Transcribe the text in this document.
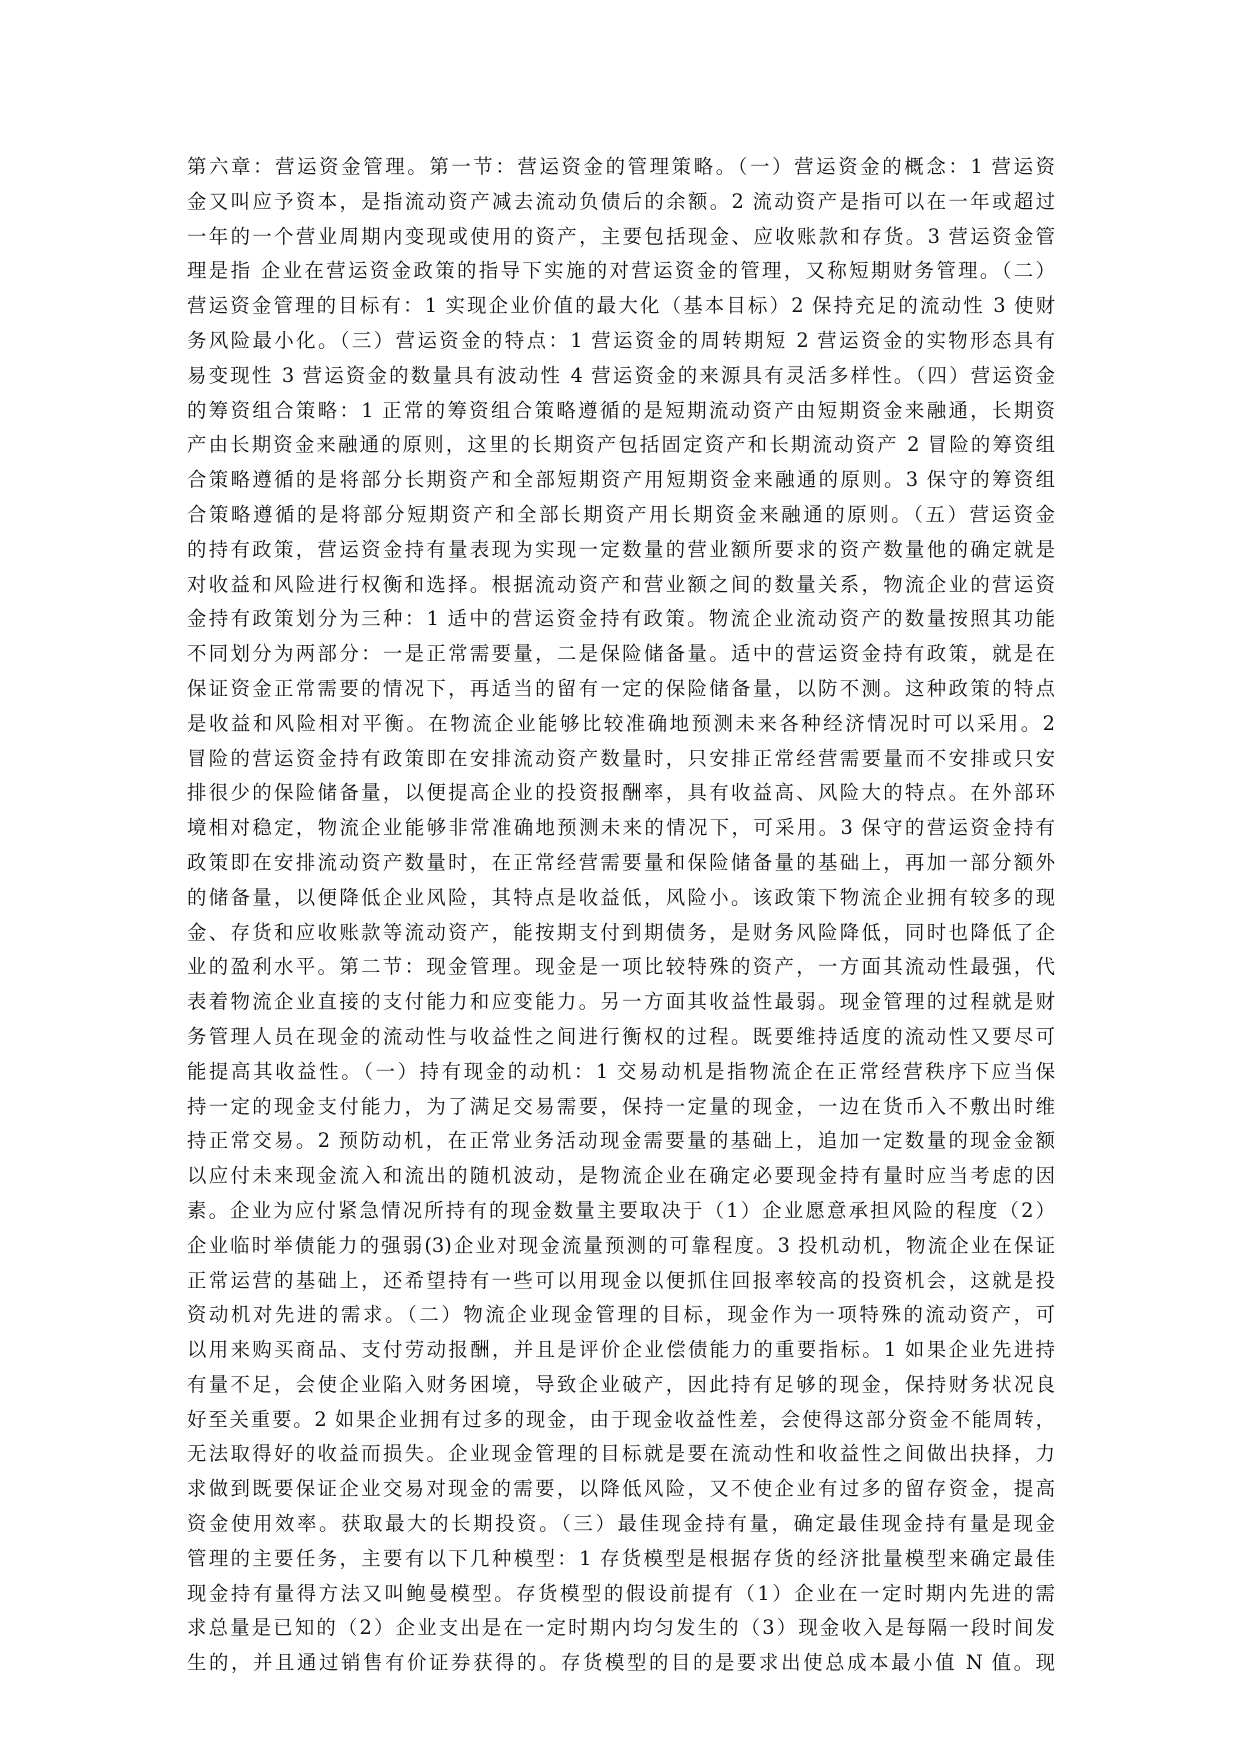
第六章：营运资金管理。第一节：营运资金的管理策略。（一）营运资金的概念：1 营运资
金又叫应予资本，是指流动资产减去流动负债后的余额。2 流动资产是指可以在一年或超过
一年的一个营业周期内变现或使用的资产，主要包括现金、应收账款和存货。3 营运资金管
理是指 企业在营运资金政策的指导下实施的对营运资金的管理，又称短期财务管理。（二）
营运资金管理的目标有：1 实现企业价值的最大化（基本目标）2 保持充足的流动性 3 使财
务风险最小化。（三）营运资金的特点：1 营运资金的周转期短 2 营运资金的实物形态具有
易变现性 3 营运资金的数量具有波动性 4 营运资金的来源具有灵活多样性。（四）营运资金
的筹资组合策略：1 正常的筹资组合策略遵循的是短期流动资产由短期资金来融通，长期资
产由长期资金来融通的原则，这里的长期资产包括固定资产和长期流动资产 2 冒险的筹资组
合策略遵循的是将部分长期资产和全部短期资产用短期资金来融通的原则。3 保守的筹资组
合策略遵循的是将部分短期资产和全部长期资产用长期资金来融通的原则。（五）营运资金
的持有政策，营运资金持有量表现为实现一定数量的营业额所要求的资产数量他的确定就是
对收益和风险进行权衡和选择。根据流动资产和营业额之间的数量关系，物流企业的营运资
金持有政策划分为三种：1 适中的营运资金持有政策。物流企业流动资产的数量按照其功能
不同划分为两部分：一是正常需要量，二是保险储备量。适中的营运资金持有政策，就是在
保证资金正常需要的情况下，再适当的留有一定的保险储备量，以防不测。这种政策的特点
是收益和风险相对平衡。在物流企业能够比较准确地预测未来各种经济情况时可以采用。2
冒险的营运资金持有政策即在安排流动资产数量时，只安排正常经营需要量而不安排或只安
排很少的保险储备量，以便提高企业的投资报酬率，具有收益高、风险大的特点。在外部环
境相对稳定，物流企业能够非常准确地预测未来的情况下，可采用。3 保守的营运资金持有
政策即在安排流动资产数量时，在正常经营需要量和保险储备量的基础上，再加一部分额外
的储备量，以便降低企业风险，其特点是收益低，风险小。该政策下物流企业拥有较多的现
金、存货和应收账款等流动资产，能按期支付到期债务，是财务风险降低，同时也降低了企
业的盈利水平。第二节：现金管理。现金是一项比较特殊的资产，一方面其流动性最强，代
表着物流企业直接的支付能力和应变能力。另一方面其收益性最弱。现金管理的过程就是财
务管理人员在现金的流动性与收益性之间进行衡权的过程。既要维持适度的流动性又要尽可
能提高其收益性。（一）持有现金的动机：1 交易动机是指物流企在正常经营秩序下应当保
持一定的现金支付能力，为了满足交易需要，保持一定量的现金，一边在货币入不敷出时维
持正常交易。2 预防动机，在正常业务活动现金需要量的基础上，追加一定数量的现金金额
以应付未来现金流入和流出的随机波动，是物流企业在确定必要现金持有量时应当考虑的因
素。企业为应付紧急情况所持有的现金数量主要取决于（1）企业愿意承担风险的程度（2）
企业临时举债能力的强弱(3)企业对现金流量预测的可靠程度。3 投机动机，物流企业在保证
正常运营的基础上，还希望持有一些可以用现金以便抓住回报率较高的投资机会，这就是投
资动机对先进的需求。（二）物流企业现金管理的目标，现金作为一项特殊的流动资产，可
以用来购买商品、支付劳动报酬，并且是评价企业偿债能力的重要指标。1 如果企业先进持
有量不足，会使企业陷入财务困境，导致企业破产，因此持有足够的现金，保持财务状况良
好至关重要。2 如果企业拥有过多的现金，由于现金收益性差，会使得这部分资金不能周转，
无法取得好的收益而损失。企业现金管理的目标就是要在流动性和收益性之间做出抉择，力
求做到既要保证企业交易对现金的需要，以降低风险，又不使企业有过多的留存资金，提高
资金使用效率。获取最大的长期投资。（三）最佳现金持有量，确定最佳现金持有量是现金
管理的主要任务，主要有以下几种模型：1 存货模型是根据存货的经济批量模型来确定最佳
现金持有量得方法又叫鲍曼模型。存货模型的假设前提有（1）企业在一定时期内先进的需
求总量是已知的（2）企业支出是在一定时期内均匀发生的（3）现金收入是每隔一段时间发
生的，并且通过销售有价证券获得的。存货模型的目的是要求出使总成本最小值 N 值。现
